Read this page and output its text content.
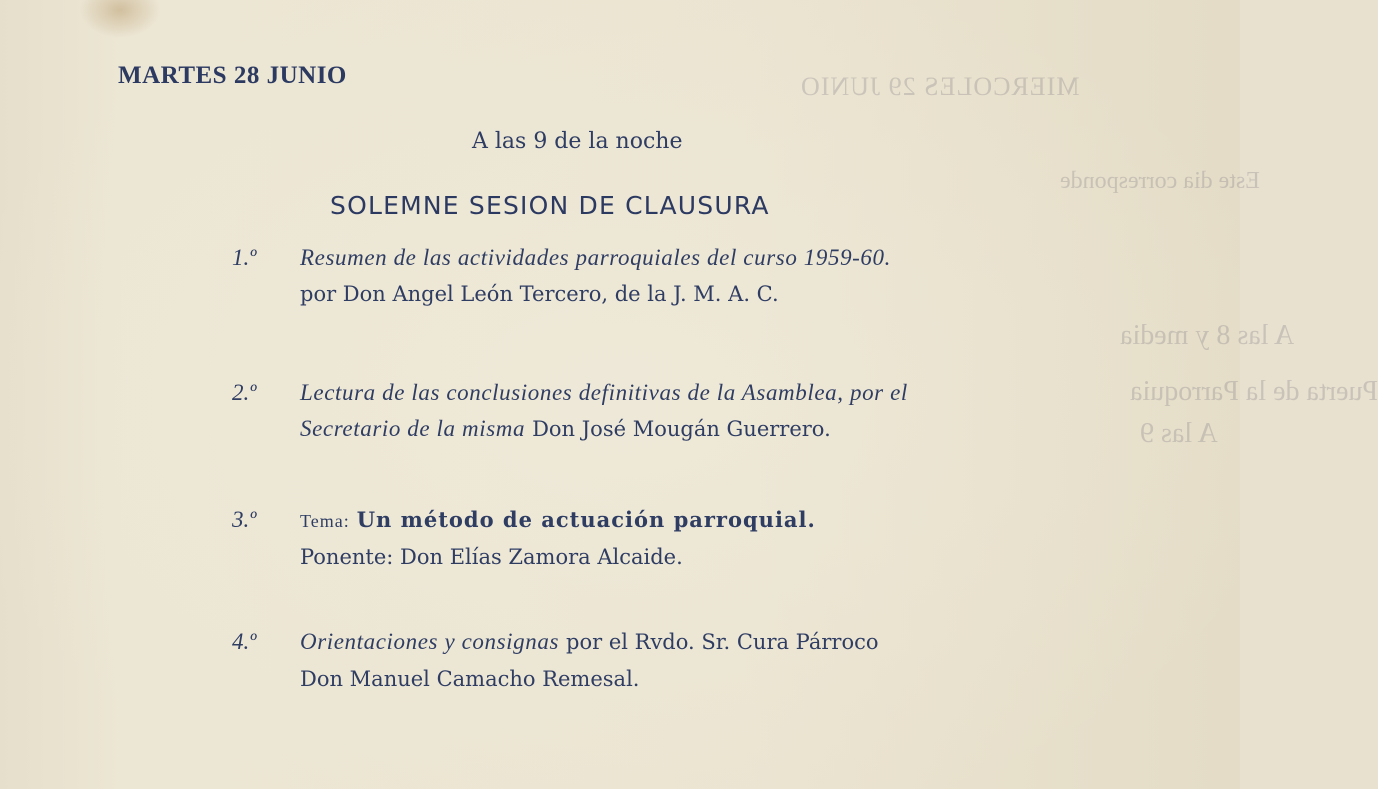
MIERCOLES 29 JUNIO
Este dia corresponde
A las 8 y media
Puerta de la Parroquia
A las 9
MARTES 28 JUNIO
A las 9 de la noche
SOLEMNE SESION DE CLAUSURA
1.º	Resumen de las actividades parroquiales del curso 1959-60.
por Don Angel León Tercero, de la J. M. A. C.
2.º	Lectura de las conclusiones definitivas de la Asamblea, por el
Secretario de la misma Don José Mougán Guerrero.
3.º	Tema: Un método de actuación parroquial.
Ponente: Don Elías Zamora Alcaide.
4.º	Orientaciones y consignas por el Rvdo. Sr. Cura Párroco
Don Manuel Camacho Remesal.
